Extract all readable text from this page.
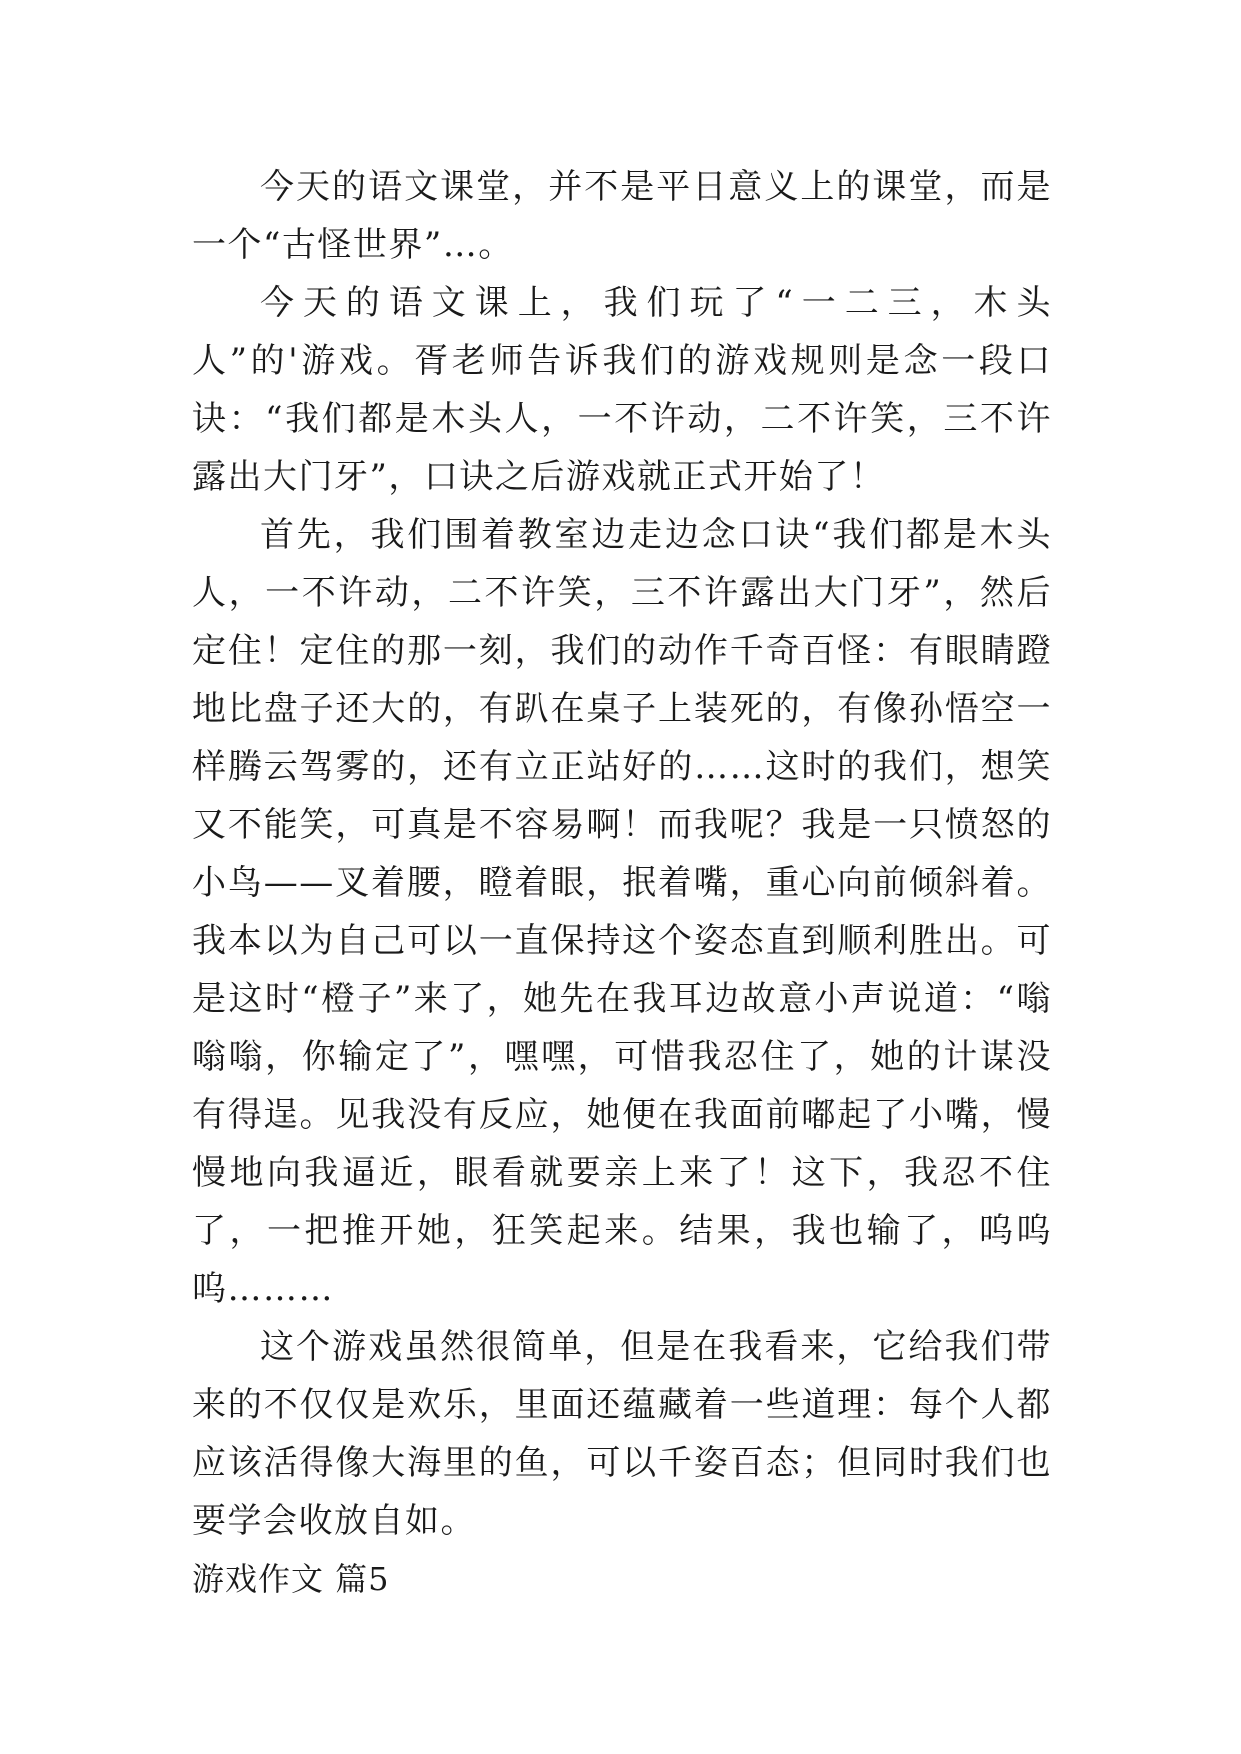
今天的语文课堂，并不是平日意义上的课堂，而是一个“古怪世界”…。

今天的语文课上，我们玩了“一二三，木头人”的'游戏。胥老师告诉我们的游戏规则是念一段口诀：“我们都是木头人，一不许动，二不许笑，三不许露出大门牙”，口诀之后游戏就正式开始了！

首先，我们围着教室边走边念口诀“我们都是木头人，一不许动，二不许笑，三不许露出大门牙”，然后定住！定住的那一刻，我们的动作千奇百怪：有眼睛蹬地比盘子还大的，有趴在桌子上装死的，有像孙悟空一样腾云驾雾的，还有立正站好的……这时的我们，想笑又不能笑，可真是不容易啊！而我呢？我是一只愤怒的小鸟——叉着腰，瞪着眼，抿着嘴，重心向前倾斜着。我本以为自己可以一直保持这个姿态直到顺利胜出。可是这时“橙子”来了，她先在我耳边故意小声说道：“嗡嗡嗡，你输定了”，嘿嘿，可惜我忍住了，她的计谋没有得逞。见我没有反应，她便在我面前嘟起了小嘴，慢慢地向我逼近，眼看就要亲上来了！这下，我忍不住了，一把推开她，狂笑起来。结果，我也输了，呜呜呜………

这个游戏虽然很简单，但是在我看来，它给我们带来的不仅仅是欢乐，里面还蕴藏着一些道理：每个人都应该活得像大海里的鱼，可以千姿百态；但同时我们也要学会收放自如。

游戏作文 篇5
